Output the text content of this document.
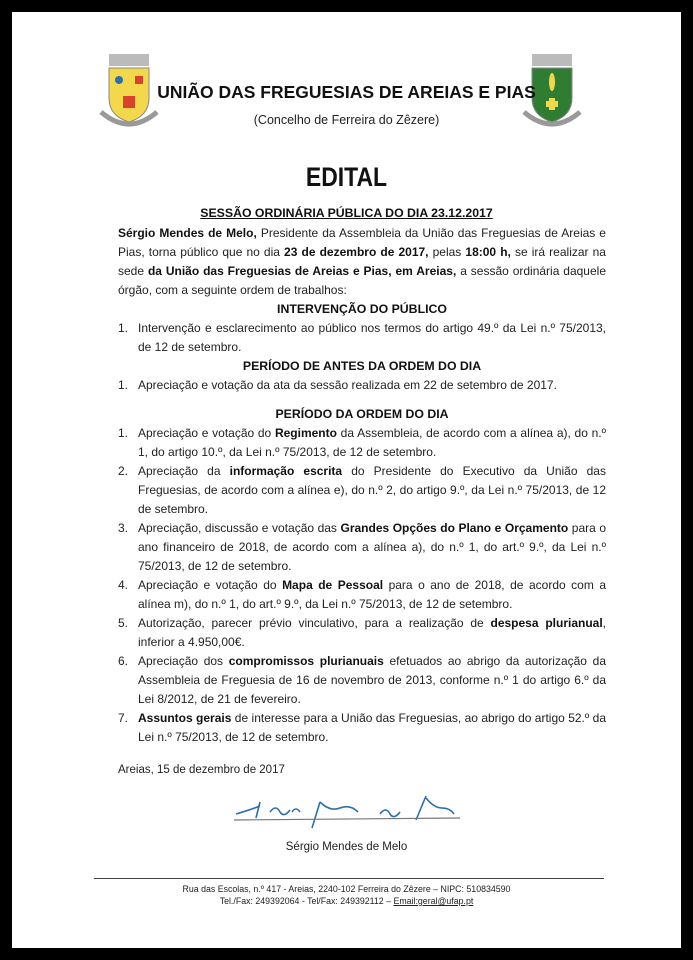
UNIÃO DAS FREGUESIAS DE AREIAS E PIAS
(Concelho de Ferreira do Zêzere)
EDITAL
SESSÃO ORDINÁRIA PÚBLICA DO DIA 23.12.2017

Sérgio Mendes de Melo, Presidente da Assembleia da União das Freguesias de Areias e Pias, torna público que no dia 23 de dezembro de 2017, pelas 18:00 h, se irá realizar na sede da União das Freguesias de Areias e Pias, em Areias, a sessão ordinária daquele órgão, com a seguinte ordem de trabalhos:

INTERVENÇÃO DO PÚBLICO
1. Intervenção e esclarecimento ao público nos termos do artigo 49.º da Lei n.º 75/2013, de 12 de setembro.
PERÍODO DE ANTES DA ORDEM DO DIA
1. Apreciação e votação da ata da sessão realizada em 22 de setembro de 2017.
PERÍODO DA ORDEM DO DIA
1. Apreciação e votação do Regimento da Assembleia, de acordo com a alínea a), do n.º 1, do artigo 10.º, da Lei n.º 75/2013, de 12 de setembro.
2. Apreciação da informação escrita do Presidente do Executivo da União das Freguesias, de acordo com a alínea e), do n.º 2, do artigo 9.º, da Lei n.º 75/2013, de 12 de setembro.
3. Apreciação, discussão e votação das Grandes Opções do Plano e Orçamento para o ano financeiro de 2018, de acordo com a alínea a), do n.º 1, do art.º 9.º, da Lei n.º 75/2013, de 12 de setembro.
4. Apreciação e votação do Mapa de Pessoal para o ano de 2018, de acordo com a alínea m), do n.º 1, do art.º 9.º, da Lei n.º 75/2013, de 12 de setembro.
5. Autorização, parecer prévio vinculativo, para a realização de despesa plurianual, inferior a 4.950,00€.
6. Apreciação dos compromissos plurianuais efetuados ao abrigo da autorização da Assembleia de Freguesia de 16 de novembro de 2013, conforme n.º 1 do artigo 6.º da Lei 8/2012, de 21 de fevereiro.
7. Assuntos gerais de interesse para a União das Freguesias, ao abrigo do artigo 52.º da Lei n.º 75/2013, de 12 de setembro.
Areias, 15 de dezembro de 2017
Sérgio Mendes de Melo
Rua das Escolas, n.º 417 - Areias, 2240-102 Ferreira do Zêzere – NIPC: 510834590
Tel./Fax: 249392064 - Tel/Fax: 249392112 – Email:geral@ufap.pt
